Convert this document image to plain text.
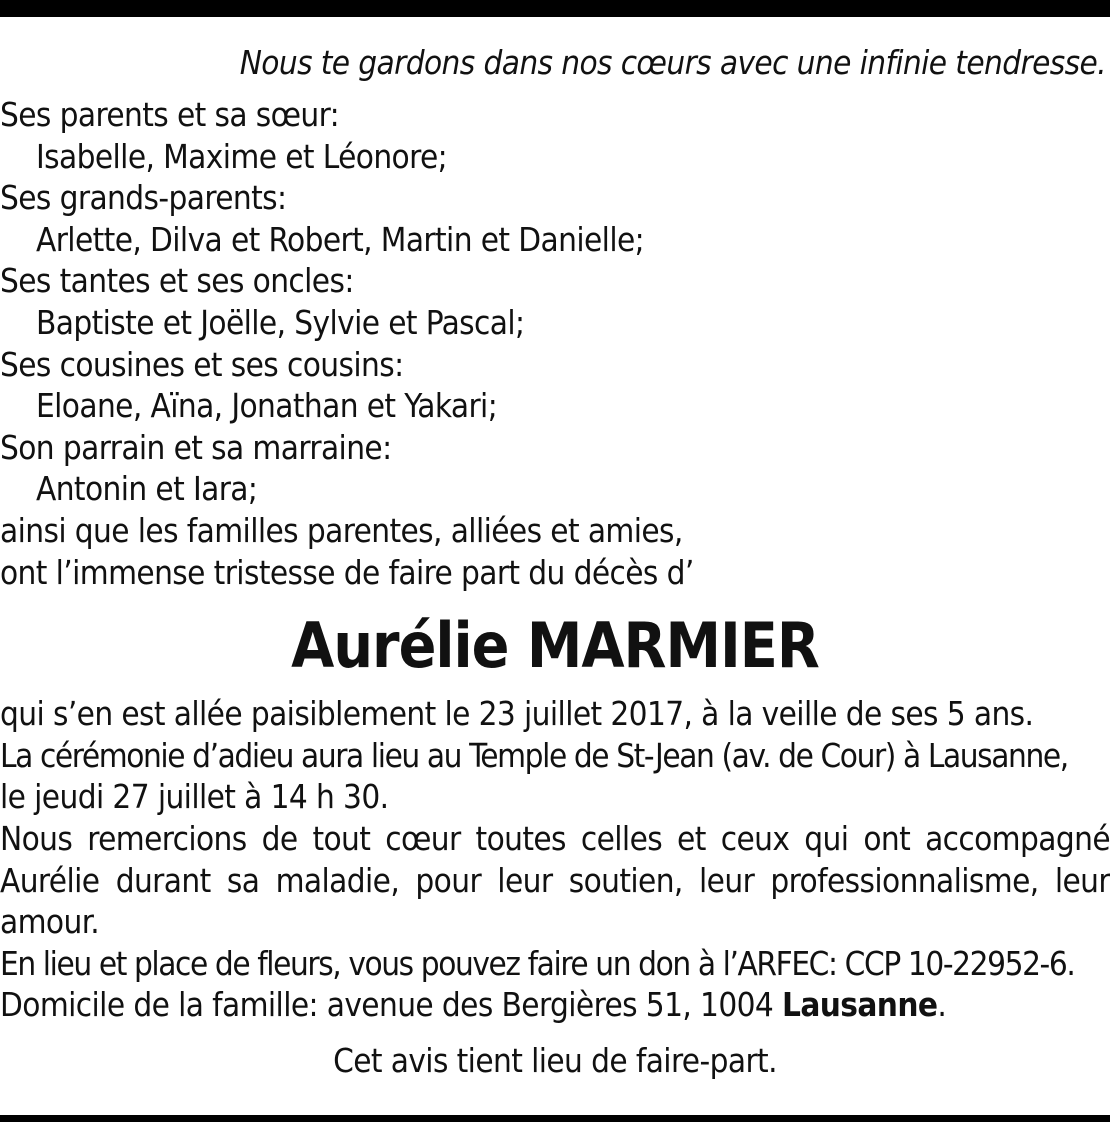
Nous te gardons dans nos cœurs avec une infinie tendresse.
Ses parents et sa sœur:
Isabelle, Maxime et Léonore;
Ses grands-parents:
Arlette, Dilva et Robert, Martin et Danielle;
Ses tantes et ses oncles:
Baptiste et Joëlle, Sylvie et Pascal;
Ses cousines et ses cousins:
Eloane, Aïna, Jonathan et Yakari;
Son parrain et sa marraine:
Antonin et Iara;
ainsi que les familles parentes, alliées et amies,
ont l’immense tristesse de faire part du décès d’
Aurélie MARMIER
qui s’en est allée paisiblement le 23 juillet 2017, à la veille de ses 5 ans.
La cérémonie d’adieu aura lieu au Temple de St-Jean (av. de Cour) à Lausanne,
le jeudi 27 juillet à 14 h 30.
Nous remercions de tout cœur toutes celles et ceux qui ont accompagné
Aurélie durant sa maladie, pour leur soutien, leur professionnalisme, leur
amour.
En lieu et place de fleurs, vous pouvez faire un don à l’ARFEC: CCP 10-22952-6.
Domicile de la famille: avenue des Bergières 51, 1004 Lausanne.
Cet avis tient lieu de faire-part.
